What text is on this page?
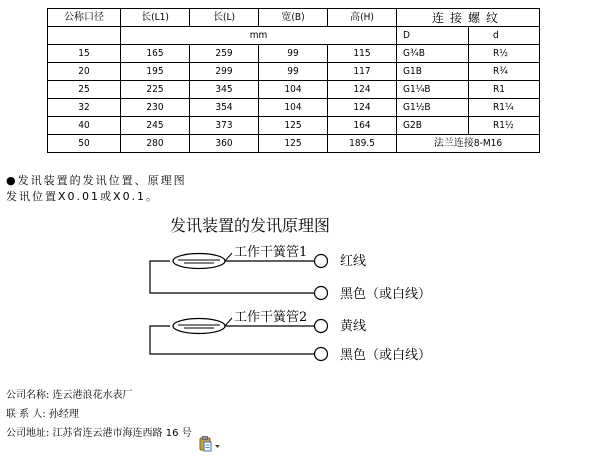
公称口径	长(L1)	长(L)	宽(B)	高(H)	连接螺纹	
	mm				D	d
15	165	259	99	115	G¾B	R½
20	195	299	99	117	G1B	R¾
25	225	345	104	124	G1¼B	R1
32	230	354	104	124	G1½B	R1¼
40	245	373	125	164	G2B	R1½
50	280	360	125	189.5	法兰连接8-M16	
●发讯装置的发讯位置、原理图
发讯位置X0.01或X0.1。
发讯装置的发讯原理图
工作干簧管1
红线
黑色（或白线）
工作干簧管2
黄线
黑色（或白线）
公司名称: 连云港浪花水表厂
联 系 人: 孙经理
公司地址: 江苏省连云港市海连西路 16 号
